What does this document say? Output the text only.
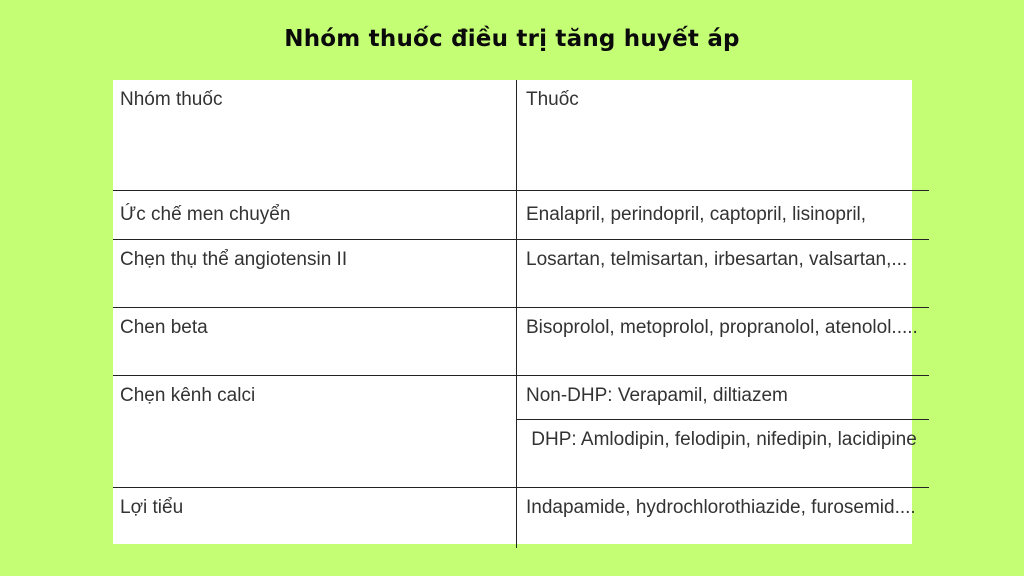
Nhóm thuốc điều trị tăng huyết áp
Nhóm thuốc	Thuốc
Ức chế men chuyển	Enalapril, perindopril, captopril, lisinopril,
Chẹn thụ thể angiotensin II	Losartan, telmisartan, irbesartan, valsartan,...
Chen beta	Bisoprolol, metoprolol, propranolol, atenolol.....
Chẹn kênh calci	Non-DHP: Verapamil, diltiazem
	DHP: Amlodipin, felodipin, nifedipin, lacidipine
Lợi tiểu	Indapamide, hydrochlorothiazide, furosemid....
